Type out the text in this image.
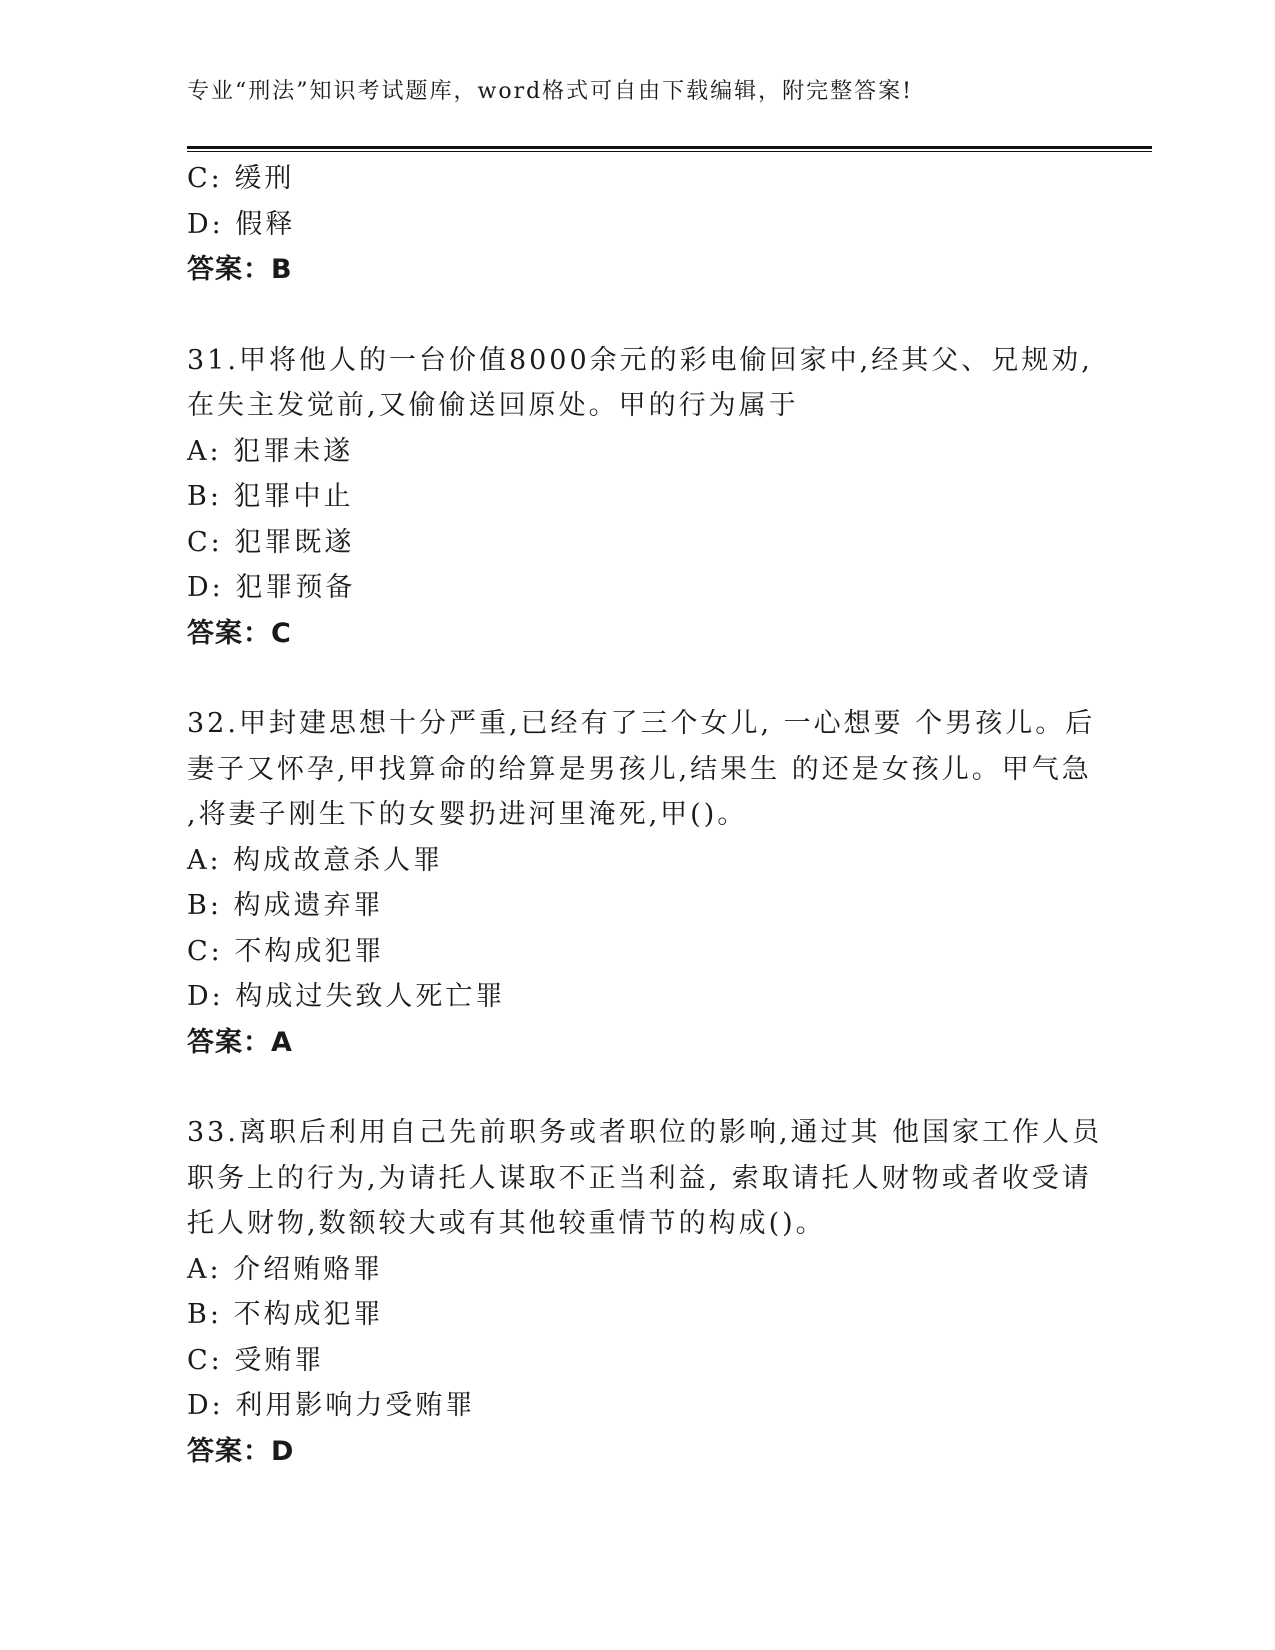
专业“刑法”知识考试题库，word格式可自由下载编辑，附完整答案!
C: 缓刑
D: 假释
答案：B
31.甲将他人的一台价值8000余元的彩电偷回家中,经其父、兄规劝,
在失主发觉前,又偷偷送回原处。甲的行为属于
A: 犯罪未遂
B: 犯罪中止
C: 犯罪既遂
D: 犯罪预备
答案：C
32.甲封建思想十分严重,已经有了三个女儿, 一心想要 个男孩儿。后
妻子又怀孕,甲找算命的给算是男孩儿,结果生 的还是女孩儿。甲气急
,将妻子刚生下的女婴扔进河里淹死,甲()。
A: 构成故意杀人罪
B: 构成遗弃罪
C: 不构成犯罪
D: 构成过失致人死亡罪
答案：A
33.离职后利用自己先前职务或者职位的影响,通过其 他国家工作人员
职务上的行为,为请托人谋取不正当利益, 索取请托人财物或者收受请
托人财物,数额较大或有其他较重情节的构成()。
A: 介绍贿赂罪
B: 不构成犯罪
C: 受贿罪
D: 利用影响力受贿罪
答案：D
